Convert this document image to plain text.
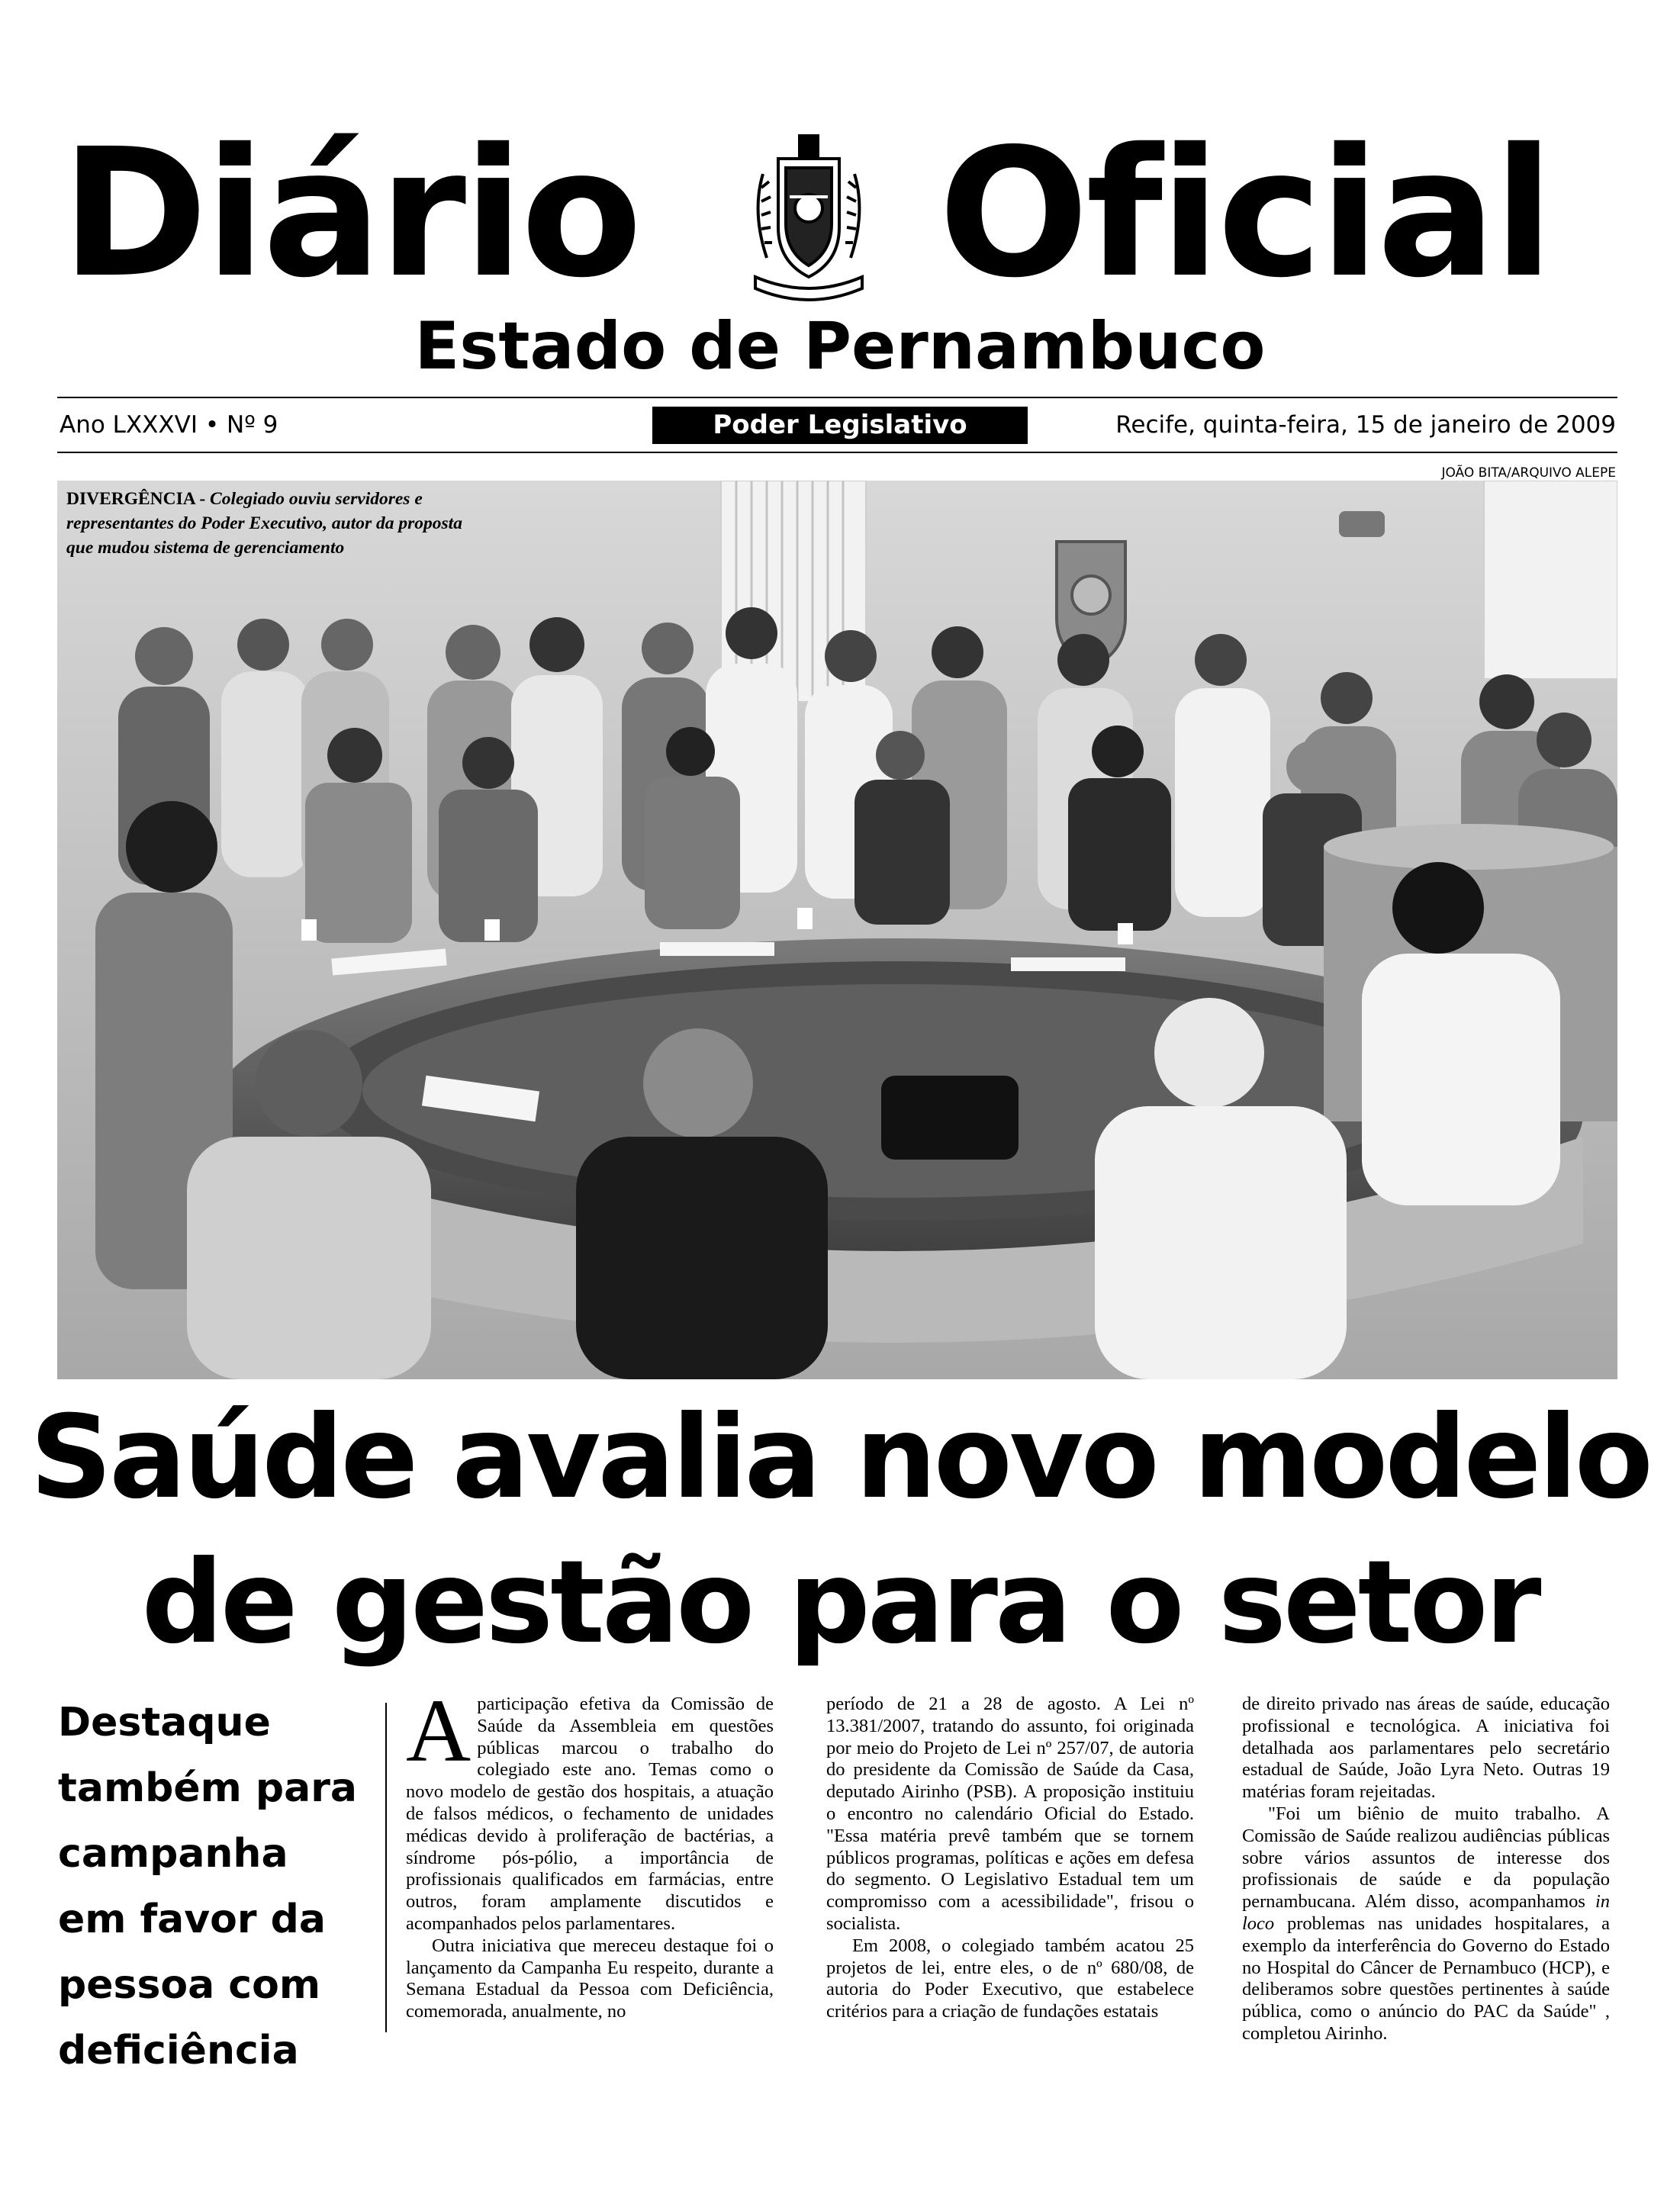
Diário Oficial
Estado de Pernambuco
Ano LXXXVI • Nº 9	Poder Legislativo	Recife, quinta-feira, 15 de janeiro de 2009
JOÃO BITA/ARQUIVO ALEPE
DIVERGÊNCIA - Colegiado ouviu servidores e representantes do Poder Executivo, autor da proposta que mudou sistema de gerenciamento
Saúde avalia novo modelo
de gestão para o setor
Destaque
também para
campanha
em favor da
pessoa com
deficiência

Aparticipação efetiva da Comissão de Saúde da Assembleia em questões públicas marcou o trabalho do colegiado este ano. Temas como o novo modelo de gestão dos hospitais, a atuação de falsos médicos, o fechamento de unidades médicas devido à proliferação de bactérias, a síndrome pós-pólio, a importância de profissionais qualificados em farmácias, entre outros, foram amplamente discutidos e acompanhados pelos parlamentares.

Outra iniciativa que mereceu destaque foi o lançamento da Campanha Eu respeito, durante a Semana Estadual da Pessoa com Deficiência, comemorada, anualmente, no

período de 21 a 28 de agosto. A Lei nº 13.381/2007, tratando do assunto, foi originada por meio do Projeto de Lei nº 257/07, de autoria do presidente da Comissão de Saúde da Casa, deputado Airinho (PSB). A proposição instituiu o encontro no calendário Oficial do Estado. "Essa matéria prevê também que se tornem públicos programas, políticas e ações em defesa do segmento. O Legislativo Estadual tem um compromisso com a acessibilidade", frisou o socialista.

Em 2008, o colegiado também acatou 25 projetos de lei, entre eles, o de nº 680/08, de autoria do Poder Executivo, que estabelece critérios para a criação de fundações estatais

de direito privado nas áreas de saúde, educação profissional e tecnológica. A iniciativa foi detalhada aos parlamentares pelo secretário estadual de Saúde, João Lyra Neto. Outras 19 matérias foram rejeitadas.

"Foi um biênio de muito trabalho. A Comissão de Saúde realizou audiências públicas sobre vários assuntos de interesse dos profissionais de saúde e da população pernambucana. Além disso, acompanhamos in loco problemas nas unidades hospitalares, a exemplo da interferência do Governo do Estado no Hospital do Câncer de Pernambuco (HCP), e deliberamos sobre questões pertinentes à saúde pública, como o anúncio do PAC da Saúde" , completou Airinho.
